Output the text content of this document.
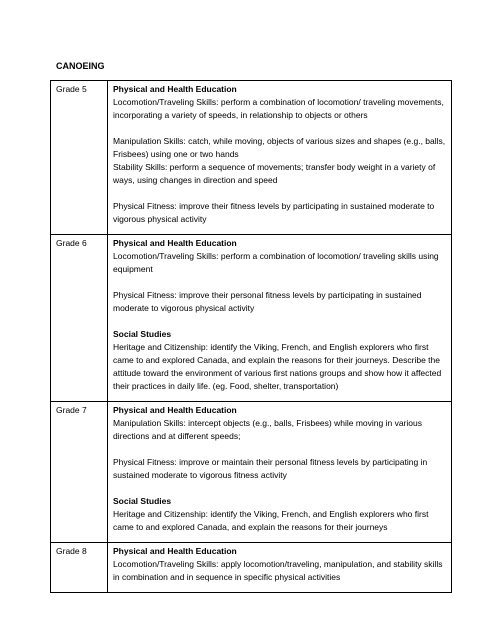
CANOEING
Grade 5	Physical and Health Education
Locomotion/Traveling Skills: perform a combination of locomotion/ traveling movements, incorporating a variety of speeds, in relationship to objects or others
Manipulation Skills: catch, while moving, objects of various sizes and shapes (e.g., balls, Frisbees) using one or two hands
Stability Skills: perform a sequence of movements; transfer body weight in a variety of ways, using changes in direction and speed
Physical Fitness: improve their fitness levels by participating in sustained moderate to vigorous physical activity

Grade 6	Physical and Health Education
Locomotion/Traveling Skills: perform a combination of locomotion/ traveling skills using equipment
Physical Fitness: improve their personal fitness levels by participating in sustained moderate to vigorous physical activity
Social Studies
Heritage and Citizenship: identify the Viking, French, and English explorers who first came to and explored Canada, and explain the reasons for their journeys. Describe the attitude toward the environment of various first nations groups and show how it affected their practices in daily life. (eg. Food, shelter, transportation)

Grade 7	Physical and Health Education
Manipulation Skills: intercept objects (e.g., balls, Frisbees) while moving in various directions and at different speeds;
Physical Fitness: improve or maintain their personal fitness levels by participating in sustained moderate to vigorous fitness activity
Social Studies
Heritage and Citizenship: identify the Viking, French, and English explorers who first came to and explored Canada, and explain the reasons for their journeys

Grade 8	Physical and Health Education
Locomotion/Traveling Skills: apply locomotion/traveling, manipulation, and stability skills in combination and in sequence in specific physical activities
